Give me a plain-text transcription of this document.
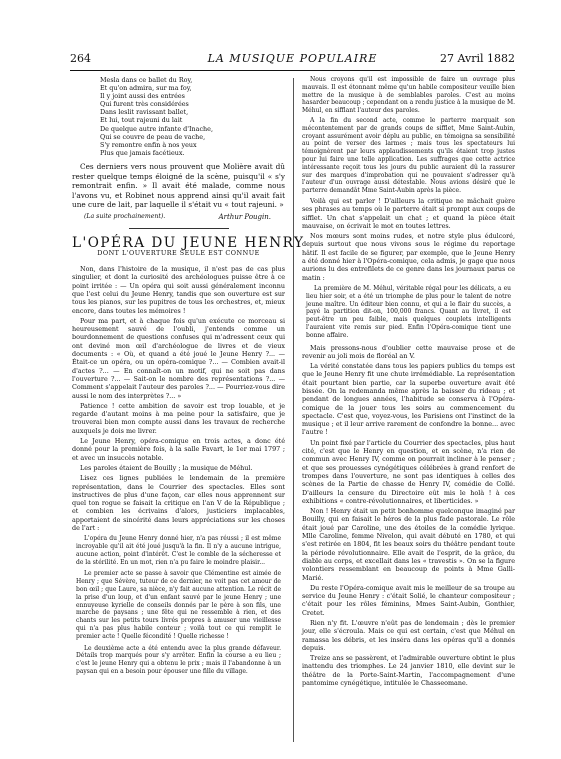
264	LA MUSIQUE POPULAIRE	27 Avril 1882
Mesla dans ce ballet du Roy,
Et qu'on admira, sur ma foy,
Il y joint aussi des entrées
Qui furent très considérées
Dans leslit ravissant ballet,
Et lui, tout rajeuni du lait
De quelque autre infante d'Inache,
Qui se couvre de peau de vache,
S'y remontre enfin à nos yeux
Plus que jamais facétieux.

Ces derniers vers nous prouvent que Molière avait dû rester quelque temps éloigné de la scène, puisqu'il « s'y remontrait enfin. » Il avait été malade, comme nous l'avons vu, et Robinet nous apprend ainsi qu'il avait fait une cure de lait, par laquelle il s'était vu « tout rajeuni. »

(La suite prochainement).	Arthur Pougin.
L'OPÉRA DU JEUNE HENRY
DONT L'OUVERTURE SEULE EST CONNUE

Non, dans l'histoire de la musique, il n'est pas de cas plus singulier, et dont la curiosité des archéologues puisse être à ce point irritée : — Un opéra qui soit aussi généralement inconnu que l'est celui du Jeune Henry, tandis que son ouverture est sur tous les pianos, sur les pupitres de tous les orchestres, et, mieux encore, dans toutes les mémoires !

Pour ma part, et à chaque fois qu'un exécute ce morceau si heureusement sauvé de l'oubli, j'entends comme un bourdonnement de questions confuses qui m'adressent ceux qui ont deviné mon œil d'archéologue de livres et de vieux documents : « Où, et quand a été joué le Jeune Henry ?... — Était-ce un opéra, ou un opéra-comique ?... — Combien avait-il d'actes ?... — En connaît-on un motif, qui ne soit pas dans l'ouverture ?... — Sait-on le nombre des représentations ?... — Comment s'appelait l'auteur des paroles ?... — Pourriez-vous dire aussi le nom des interprètes ?... »

Patience ! cette ambition de savoir est trop louable, et je regarde d'autant moins à ma peine pour la satisfaire, que je trouverai bien mon compte aussi dans les travaux de recherche auxquels je dois me livrer.

Le Jeune Henry, opéra-comique en trois actes, a donc été donné pour la première fois, à la salle Favart, le 1er mai 1797 ; et avec un insuccès notable.

Les paroles étaient de Bouilly ; la musique de Méhul.

Lisez ces lignes publiées le lendemain de la première représentation, dans le Courrier des spectacles. Elles sont instructives de plus d'une façon, car elles nous apprennent sur quel ton rogue se faisait la critique en l'an V de la République ; et combien les écrivains d'alors, justiciers implacables, apportaient de sincérité dans leurs appréciations sur les choses de l'art :

L'opéra du Jeune Henry donné hier, n'a pas réussi ; il est même incroyable qu'il ait été joué jusqu'à la fin. Il n'y a aucune intrigue, aucune action, point d'intérêt. C'est le comble de la sécheresse et de la stérilité. En un mot, rien n'a pu faire le moindre plaisir...

Le premier acte se passe à savoir que Clémentine est aimée de Henry ; que Sévère, tuteur de ce dernier, ne voit pas cet amour de bon œil ; que Laure, sa nièce, n'y fait aucune attention. Le récit de la prise d'un loup, et d'un enfant sauvé par le jeune Henry ; une ennuyeuse kyrielle de conseils donnés par le père à son fils, une marche de paysans ; une fête qui ne ressemble à rien, et des chants sur les petits tours livrés propres à amuser une vieillesse qui n'a pas plus habile conteur ; voilà tout ce qui remplit le premier acte ! Quelle fécondité ! Quelle richesse !

Le deuxième acte a été entendu avec la plus grande défaveur. Détails trop marqués pour s'y arrêter. Enfin la course a eu lieu ; c'est le jeune Henry qui a obtenu le prix ; mais il l'abandonne à un paysan qui en a besoin pour épouser une fille du village.

Nous croyons qu'il est impossible de faire un ouvrage plus mauvais. Il est étonnant même qu'un habile compositeur veuille bien mettre de la musique à de semblables paroles. C'est au moins hasarder beaucoup ; cependant on a rendu justice à la musique de M. Méhul, en sifflant l'auteur des paroles.

A la fin du second acte, comme le parterre marquait son mécontentement par de grands coups de sifflet, Mme Saint-Aubin, croyant assurément avoir déplu au public, en témoigna sa sensibilité au point de verser des larmes ; mais tous les spectateurs lui témoignèrent par leurs applaudissements qu'ils étaient trop justes pour lui faire une telle application. Les suffrages que cette actrice intéressante reçoit tous les jours du public auraient dû la rassurer sur des marques d'improbation qui ne pouvaient s'adresser qu'à l'auteur d'un ouvrage aussi détestable. Nous avions désiré que le parterre demandât Mme Saint-Aubin après la pièce.

Voilà qui est parler ! D'ailleurs la critique ne mâchait guère ses phrases au temps où le parterre était si prompt aux coups de sifflet. Un chat s'appelait un chat ; et quand la pièce était mauvaise, on écrivait le mot en toutes lettres.

Nos mœurs sont moins rudes, et notre style plus édulcoré, depuis surtout que nous vivons sous le régime du reportage hâtif. Il est facile de se figurer, par exemple, que le Jeune Henry a été donné hier à l'Opéra-comique, cela admis, je gage que nous aurions lu des entrefilets de ce genre dans les journaux parus ce matin :

La première de M. Méhul, véritable régal pour les délicats, a eu lieu hier soir, et a été un triomphe de plus pour le talent de notre jeune maître. Un éditeur bien connu, et qui a le flair du succès, a payé la partition dit-on, 100,000 francs. Quant au livret, il est peut-être un peu faible, mais quelques couplets intelligents l'auraient vite remis sur pied. Enfin l'Opéra-comique tient une bonne affaire.

Mais pressons-nous d'oublier cette mauvaise prose et de revenir au joli mois de floréal an V.

La vérité constatée dans tous les papiers publics du temps est que le Jeune Henry fit une chute irrémédiable. La représentation était pourtant bien partie, car la superbe ouverture avait été bissée. On la redemanda même après la baisser du rideau ; et pendant de longues années, l'habitude se conserva à l'Opéra-comique de la jouer tous les soirs au commencement du spectacle. C'est que, voyez-vous, les Parisiens ont l'instinct de la musique ; et il leur arrive rarement de confondre la bonne... avec l'autre !

Un point fixé par l'article du Courrier des spectacles, plus haut cité, c'est que le Henry en question, et en scène, n'a rien de commun avec Henry IV, comme on pourrait incliner à le penser ; et que ses prouesses cynégétiques célébrées à grand renfort de trompes dans l'ouverture, ne sont pas identiques à celles des scènes de la Partie de chasse de Henry IV, comédie de Collé. D'ailleurs la censure du Directoire eût mis le holà ! à ces exhibitions « contre-révolutionnaires, et liberticides. »

Non ! Henry était un petit bonhomme quelconque imaginé par Bouilly, qui en faisait le héros de la plus fade pastorale. Le rôle était joué par Caroline, une des étoiles de la comédie lyrique. Mlle Caroline, femme Nivelon, qui avait débuté en 1780, et qui s'est retirée en 1804, fit les beaux soirs du théâtre pendant toute la période révolutionnaire. Elle avait de l'esprit, de la grâce, du diable au corps, et excellait dans les « travestis ». On se la figure volontiers ressemblant en beaucoup de points à Mme Galli-Marié.

Du reste l'Opéra-comique avait mis le meilleur de sa troupe au service du Jeune Henry : c'était Solié, le chanteur compositeur ; c'était pour les rôles féminins, Mmes Saint-Aubin, Gonthier, Cretet.

Rien n'y fit. L'œuvre n'eût pas de lendemain ; dès le premier jour, elle s'écroula. Mais ce qui est certain, c'est que Méhul en ramassa les débris, et les inséra dans les opéras qu'il a donnés depuis.

Treize ans se passèrent, et l'admirable ouverture obtint le plus inattendu des triomphes. Le 24 janvier 1810, elle devint sur le théâtre de la Porte-Saint-Martin, l'accompagnement d'une pantomime cynégétique, intitulée le Chasseomane.
